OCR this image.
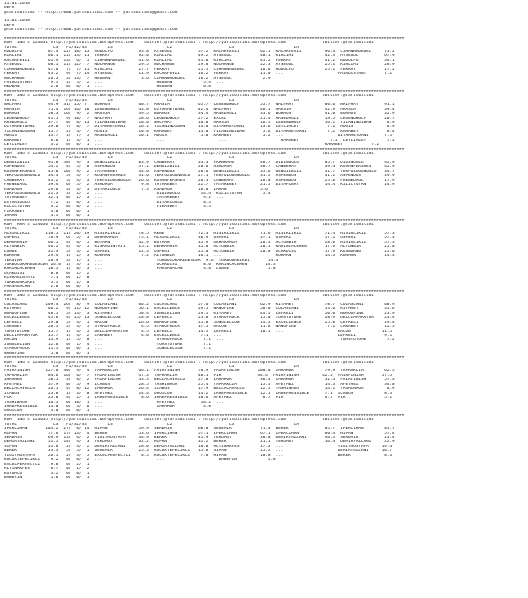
11.01.2018
UEFA
@YarisBilimi -- http://www.yarisbilimi.com -- yarisbilimi@gmail.com
11.01.2018
UEFA
@YarisBilimi -- http://www.yarisbilimi.com -- yarisbilimi@gmail.com
############################################################################################################################################################
KUM  1NG = 124031 http://yarisbilimi.wordpress.com    twitter:@YarisBilimi : http://yarisbilimi.wordpress.com              twitter:@YarisBilimi
TOTAL              LS   F1/S2/S3        LS                     L2                      L3                       LA
RODOLFO          87.4  22/ 18/ 13  RODOLFO          93.8  AYSEGUL          57.2  KACARFEVZI        62.1  KACARFEVZI         96.4  CIHANNADEDEL     73.2
KIRLIMI          66.1  11/ 13/ 11  FEKKAY           92.0  KIRLIMI          49.2  AYSEGUL           40.1  KIRLIMI            42.3  AYSEGUL          67.9
KACARFEVZI       61.9  13/  6/  5  CIHANNADEDEL     41.0  KIRLIMI          41.0  KIRLIMI           45.2  FEKKAY             41.2  RODOLFO          34.1
AYSEGUL          60.1  11/ 12/  7  NOCHANGE         29.5  NOCHANGE         29.8  NOCHANGE          22.3  AYSEGUL            25.1  KIRLIMI          28.9
CIHANNADEDEL     47.6   7/  7/ 11  KIRLIMI          27.7  FEKKAY           21.5  CIHANNADEDEL      16.6  RODOLFO            25.1  FEKKAY           17.2
FEKKAY           43.2   9/  7/ 14  AYSEGUL          11.9  KACARFEVZI       16.2  FEKKAY            11.0  ...                     FAIRDISTANT       7.2
NOCHANGE         26.3   3/ 13/  7  HEDBAN            3.6  CIHANNADEDEL     16.2  AYSEGUL            2.9
FAIRDISTANT       9.5   1/  5/  2  ...                     HEDBAN            5.4  ...
HEDBAN            2.6   0/  0/  1  ...                     HEDBAN            0.0
############################################################################################################################################################
KUM  1NG = 124033 http://yarisbilimi.wordpress.com    twitter:@YarisBilimi : http://yarisbilimi.wordpress.com              twitter:@YarisBilimi
TOTAL              LS   F1/S2/S3        LS                     L2                      L3                       LA
NALFHAT          94.9  31/ 15/ 7   BORMOS           60.7  ARASIM           65.7  LEGENDWOLF        55.7  NALFHAT            80.6  NALFHAT          91.1
ARASIM           75.4  16/ 16/ 18  LEGENDWOLF       43.8  DIYARMEYDANI     42.4  NALFHAT           48.1  ARASIM             42.9  ARASIM           39.4
BORMOS           58.3  16/  9/  2  ARASIM           39.5  BORMOS           34.4  ARSEDAGLI         33.6  BORMOS             41.0  BORMOS           32.9
LEGENDWOLF       41.5   9/ 10/  7  NALFHAT          18.6  LEGENDWOLF       27.2  EXCEL             21.4  ARSEDAGLI          19.5  LEGENDWOLF       20.7
ARSEDAGLI        37.7   0/  8/ 13  YILANINDIBAN     18.0  NALFHAT          18.0  ARASIM            16.5  LEGENDWOLF         16.1  YILANINDIBAN      8.9
DIYARMEYDANI     29.0   7/  8/  7  DIYARMEYDANI     16.1  YILANINDIBAN     14.0  DIYARMEYDANI      13.6  LEYLIMLEY           7.2  MOGIS             8.9
YILANINDIBAN     15.7   2/  3/  7  MOGIS            10.8  KARABEY          13.0  YILANINDIBAN       5.6  DIYARMEYDANI        7.2  KARABEY           8.4
MOGIS            13.7   1/  7/  5  ARSEDAGLI        10.1  MOGIS             5.0  KARABEY            5.2  ...                     DIYARMEYDANI      7.5
KARABEY           6.6   1/  3/  1  ...                     ...                     ...                     KARABEY            7.2  LEYLIMLEY        7.2
LEYLIMLEY         3.2   0/  0/  1  ...                                                                                      KARABEY           7.2
############################################################################################################################################################
KUM  1NG = 124035 http://yarisbilimi.wordpress.com    twitter:@YarisBilimi : http://yarisbilimi.wordpress.com              twitter:@YarisBilimi
TOTAL              LS   F1/S2/S3        LS                     L2                      L3                       LA
DENGIZBIZI       95.0  50/  9/  3  DENGIZBIZI       83.9  CANBERAY         33.3  FRANKMAO          48.7  DIDINOGLU          85.7  DIDINOGLU        92.9
ASPENDOS         54.2   4/  5/  8  ASPENDOS         57.1  DENGIZBIZI       28.6  ASADAGA           38.7  CANBERAY           39.4  KOSANFERSRES     42.9
KOSANFERSRES     45.0  10/  9/  2  TATAREBEY        34.0  ASPENDOS         28.6  DENGIZBIZI        35.6  DENGIZBIZI         31.7  TEKFOZOGUNOGLU   34.7
TEKFOZOGUNOGLU   34.3   5/  3/  7  KOSANFERSRES     31.6  TEKFOZOGUNOGLU   27.1  TEKFOZOGUNOGLU    31.5  ASPENDOS           31.2  ASPENDOS         19.9
CANBERAY         43.2   5/  4/  3  TEKFOZOGUNOGLU   26.6  KOSANFERSRES     26.3  CANBERAY          28.0  ASPENDOS           25.0  FRENEDAGL        17.9
FRENEDAGL        39.4   6/  5/  2  ASADAGA           9.8  TATAREBEY        22.7  TATAREBEY         21.5  DIYAPIBAY          14.4  KILICTUTAN       14.9
ASADAGA          29.6   3/  3/  3  DIYARIOGLU        7.3  ASADAGA          18.0  IMAAN             5.6
TEKFOZOGUNOGLU   21.3   3/  2/  2  ...                     DIDINOGLU        14.4  KILICTUTAN        5.4
TATAREBEY        12.1   0/  1/  3  ...                     TATAREBEY         9.1  ...
DIYARIOGLU        7.2   1/  0/  1  ...                     DIYARIOGLU        8.3
KILICTUTAN        4.2   0/  0/  2  ...                     FIRASBEY          3.5
FIRASBEY          4.0   0/  0/  1
IMAAN             3.5   0/  0/  1
############################################################################################################################################################
KUM  ARA = 124036 http://yarisbilimi.wordpress.com    twitter:@YarisBilimi : http://yarisbilimi.wordpress.com              twitter:@YarisBilimi
TOTAL              LS   F1/S2/S3        LS                     L2                      L3                       LA
MISIRLIKIZ      110.5  21/ 20/ 19  MISIRLIKIZ       78.5  REBE             72.3  MISIRLIKIZ        71.6  MISIRLIKIZ         71.4  MISIRLIKIZ       57.3
OSPERI           70.9   6/  5/  3  DEHARAHIM        75.1  MISIRLIKIZ       36.9  OSPERI            37.1  OSPERI             57.1  OSPERI           57.3
DEHARAHIM        66.1   4/  6/  5  BUTMAN           42.9  BUTMAN           35.9  DEHARAHIM         28.3  ALTUNBIR           28.6  MISIRLIKIZ       57.3
ALTUNBIR         46.2   4/  4/  5  KISRAGINTAYI     25.1  DEHARAHIM        31.0  ALTUNBIR          20.1  KARINCACEHEN       17.9  ALTUNBIR         25.0
LUNGE            31.4   5/  3/  2  OSPERI           12.3  OSPERI           25.0  ALTUNBIR          20.0  OCAKDISI           17.9  KUSBURNU         25.0
KORMAN           29.4   1/  2/  3  KORMAN            7.2  ALTUNBIR         16.1  ...                     KORMAN             14.3  KORMAN           14.3
TERSIMA          28.9   3/  1/  1  ...                     TURBOCOKAREDESLER  9.6  TURBOURKIKEI       14.3
TURBOCOKAREDESLER 26.0  1/  3/  1  ...                     OCAKDISI          8.0  KARINCACEHEN       14.3
KARINCACEHEN     10.5   1/  0/  3  ...                     PARSAGACAN        4.8  LUNGE               5.8
OCAKDISI          8.8   0/  1/  2
KISRAGINTAYI      7.1   0/  1/  0
TURBOURKIKEI      3.5   0/  2/  0
PARSAGACAN        2.8   0/  0/  1
############################################################################################################################################################
KUM  1NG = 124032 http://yarisbilimi.wordpress.com    twitter:@YarisBilimi : http://yarisbilimi.wordpress.com              twitter:@YarisBilimi
TOTAL              LS   F1/S2/S3        LS                     L2                      L3                       LA
COLASLANI       109.4  26/  8/  9  COLASLANI        66.2  COLASLANI        57.6  COLASLANI         62.9  KIYAMET            78.7  COLASLANI        60.9
KIYAMET          66.2   9/ 11/ 12  NOMOOFINE        56.1  EXCELLENCE       29.5  NANOFIRE          50.0  COLASLANI          53.6  KIYAMET          35.6
NOMOOFINE        48.5   5/ 13/  3  KIYAMET          50.4  JUNGLELION       29.5  KIYAMET           44.5  LEFKELI            50.0  NOMOOFINE        23.9
EXCELLENCE       45.6   4/ 15/ 13  JUNGLELION       28.8  LEFKELI          23.8  STAROFROCK        15.0  TOMSTOTOME         28.9  DELLIMPARATOR    23.4
LEFKELI          29.0   5/  4/  1  RACON            26.6  NOMOOFINE        21.8  JUNGLELION        14.3  EXCELLENCE         25.0  LEFKELI          19.4
CAKABEY          20.5   2/  3/  5  STAROFROCK        4.5  STAROFROCK       17.5  RACON             11.8  NANOFIRE            7.2  CAKABEY          12.5
TOMSTOTOME       15.7   1/  4/  5  DELLIMPARATOR     4.5  LEFKELI          14.5  LEFKELI           10.1  ...                     RACON            11.5
DELLIMPARATOR    15.7   1/  4/  2  CAKABEY           4.0  EXCELLENCE        7.1  ...                                             LEFKELI           9.1
RACON            13.9   1/  5/  0  ...                     STAROFROCK        7.1  ...                                             TOMSTOTOME        7.2
JUNGLELION       12.6   0/  1/  4  ...                     TOMSTOTOME        7.1
STAROFROCK       11.5   0/  0/  1  ...                     JUNGLELION        7.1
NANOFIRE          5.0   0/  0/  1
############################################################################################################################################################
KUM  1NG = 124034 http://yarisbilimi.wordpress.com    twitter:@YarisBilimi : http://yarisbilimi.wordpress.com              twitter:@YarisBilimi
TOTAL              LS   F1/S2/S3        LS                     L2                      L3                       LA
FAIRFINISH      127.0  40/  9/  4  TAPRAKLIM        66.1  FAIRFINISH       70.9  FAIRFINISH       100.0  IMRAHOR            79.9  TAPRAKLIM        62.5
TAPRAKLIM        84.6  16/  6/  7  FAIRFINISH       47.3  TAPRAKLIM        48.1  PIR              44.4  FAIRFINISH         42.5  FAIRFINISH       57.5
IMRAHOR          58.1   3/  8/  2  FAIRFINISH       43.3  BELLACAVALLO     27.0  IMRAHOR           36.4  IMRAHOR            32.3  FAIRFINISH       57.3
AFETMEZ          37.9   0/  5/  9  ICABUS           28.5  TASHINAGA        25.4  TAPRAKLIM         15.5  AFETMEZ            14.3  AFETMEZ          34.0
BELLACAVALLO     26.1   4/  8/ 12  IMRAHOR          26.4  ICABUS           17.9  BELLACAVALLO      12.5  TASHINAGA          14.1  TASHINAGA         8.9
ICABUS           23.0   1/  3/  0  AFETMEZ          14.4  ORGICUR          14.2  IRREPRESSIBLE     12.1  IRREPRESSIBLE      7.1  ICABUS            8.3
PIR              23.0   4/  2/  1  IRREPRESSIBLE     8.6  IRREPRESSIBLE    10.6  AFETMEZ            8.7  PIR                6.7  PIR               5.1
TASHINAGA        16.5   0/ 10/  1  ...                     AFETMEZ          10.2  ...
IRREPRESSIBLE    13.0   0/  3/  6  ...                     IMRAHOR           4.8
ORGICUR           3.0   0/  0/  1
############################################################################################################################################################
KUM  1NG = 124035 http://yarisbilimi.wordpress.com    twitter:@YarisBilimi : http://yarisbilimi.wordpress.com              twitter:@YarisBilimi
TOTAL              LS   F1/S2/S3        LS                     L2                      L3                       LA
IPEKCIHAN       103.2  27/  8/ 14  HIPAN            59.9  SEREMIR          68.0  SEREMIR           71.4  BEREK              85.7  IPEKCIHAN        85.7
HIPAN            77.6  17/ 13/  4  BEREK            53.6  IPEKCIHAN        57.1  IPEKCIHAN         67.1  IPEKCIHAN          80.4  HIPAN            57.4
SEREMIR          69.9  13/  6/  2  YIGITMUSTAFA     34.9  BEREK            41.9  TEKUMUT           30.0  DEMIRYAZLANI       46.3  SEREMIR          23.4
DEMIRYAZLANI     51.5  14/  4/  3  TEKUMUT          32.2  HIPAN            31.2  BEREK             21.1  TEKUMUT            16.4  DEMIRYAZLANI     22.9
SIPAN            35.8   2/  4/  2  DEMIRYAZLANI     28.0  DEMIRYAZLANI     18.0  ALTINAKFES        17.3  ...                     YIGITMUSTAFA     14.4
BEREK            33.3   5/  5/  1  SEREMIR          25.3  KUCUKTEPECIKLI   15.8  SIPAN             15.2  ...                     DEMIRYAZLANI     10.7
YIGITMUSTAFA     26.5   2/  3/  5  EXCELPERFECTLI    8.5  KUCUKTEPECIKLI    7.8  HIPAN             10.8  ...                     BEREK             8.3
KUCUKTEPECIKLI    9.2   0/  0/  2  ...                     ...                     BAWEFIN            5.8
EXCELPERFECTLI    9.0   0/  2/  1
ALTINAKFES        8.7   0/  1/  2
KUYUMCU           3.2   0/  0/  1
BAWEFIN           1.6   0/  0/  1
